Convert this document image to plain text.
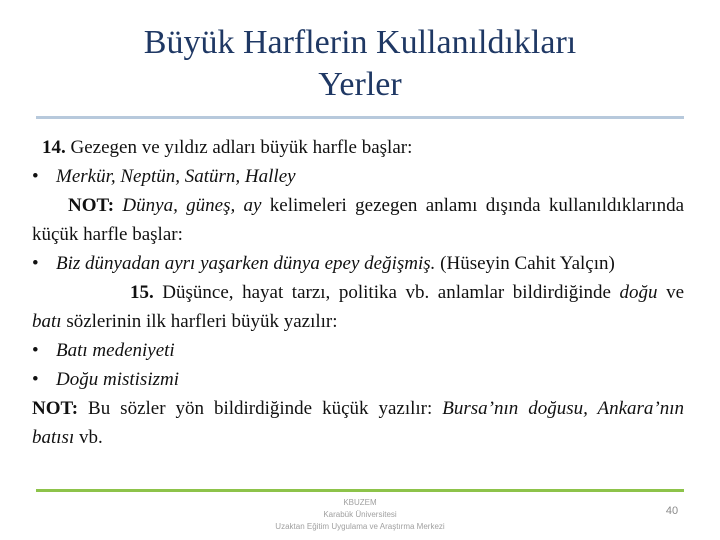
Büyük Harflerin Kullanıldıkları
Yerler

14. Gezegen ve yıldız adları büyük harfle başlar:

• Merkür, Neptün, Satürn, Halley

NOT: Dünya, güneş, ay kelimeleri gezegen anlamı dışında kullanıldıklarında küçük harfle başlar:

• Biz dünyadan ayrı yaşarken dünya epey değişmiş. (Hüseyin Cahit Yalçın)

15. Düşünce, hayat tarzı, politika vb. anlamlar bildirdiğinde doğu ve batı sözlerinin ilk harfleri büyük yazılır:

• Batı medeniyeti

• Doğu mistisizmi

NOT: Bu sözler yön bildirdiğinde küçük yazılır: Bursa’nın doğusu, Ankara’nın batısı vb.

KBUZEM
Karabük Üniversitesi
Uzaktan Eğitim Uygulama ve Araştırma Merkezi
40
